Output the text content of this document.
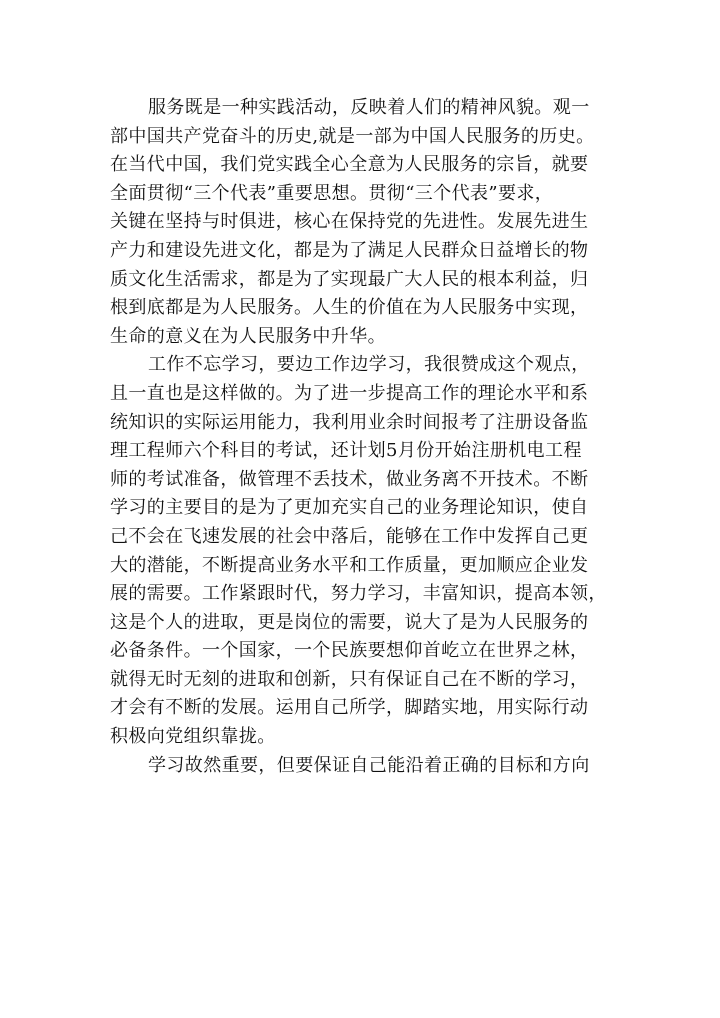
服务既是一种实践活动，反映着人们的精神风貌。观一
部中国共产党奋斗的历史,就是一部为中国人民服务的历史。
在当代中国，我们党实践全心全意为人民服务的宗旨，就要
全面贯彻“三个代表”重要思想。贯彻“三个代表”要求，
关键在坚持与时俱进，核心在保持党的先进性。发展先进生
产力和建设先进文化，都是为了满足人民群众日益增长的物
质文化生活需求，都是为了实现最广大人民的根本利益，归
根到底都是为人民服务。人生的价值在为人民服务中实现，
生命的意义在为人民服务中升华。
工作不忘学习，要边工作边学习，我很赞成这个观点，
且一直也是这样做的。为了进一步提高工作的理论水平和系
统知识的实际运用能力，我利用业余时间报考了注册设备监
理工程师六个科目的考试，还计划5月份开始注册机电工程
师的考试准备，做管理不丢技术，做业务离不开技术。不断
学习的主要目的是为了更加充实自己的业务理论知识，使自
己不会在飞速发展的社会中落后，能够在工作中发挥自己更
大的潜能，不断提高业务水平和工作质量，更加顺应企业发
展的需要。工作紧跟时代，努力学习，丰富知识，提高本领，
这是个人的进取，更是岗位的需要，说大了是为人民服务的
必备条件。一个国家，一个民族要想仰首屹立在世界之林，
就得无时无刻的进取和创新，只有保证自己在不断的学习，
才会有不断的发展。运用自己所学，脚踏实地，用实际行动
积极向党组织靠拢。
学习故然重要，但要保证自己能沿着正确的目标和方向
